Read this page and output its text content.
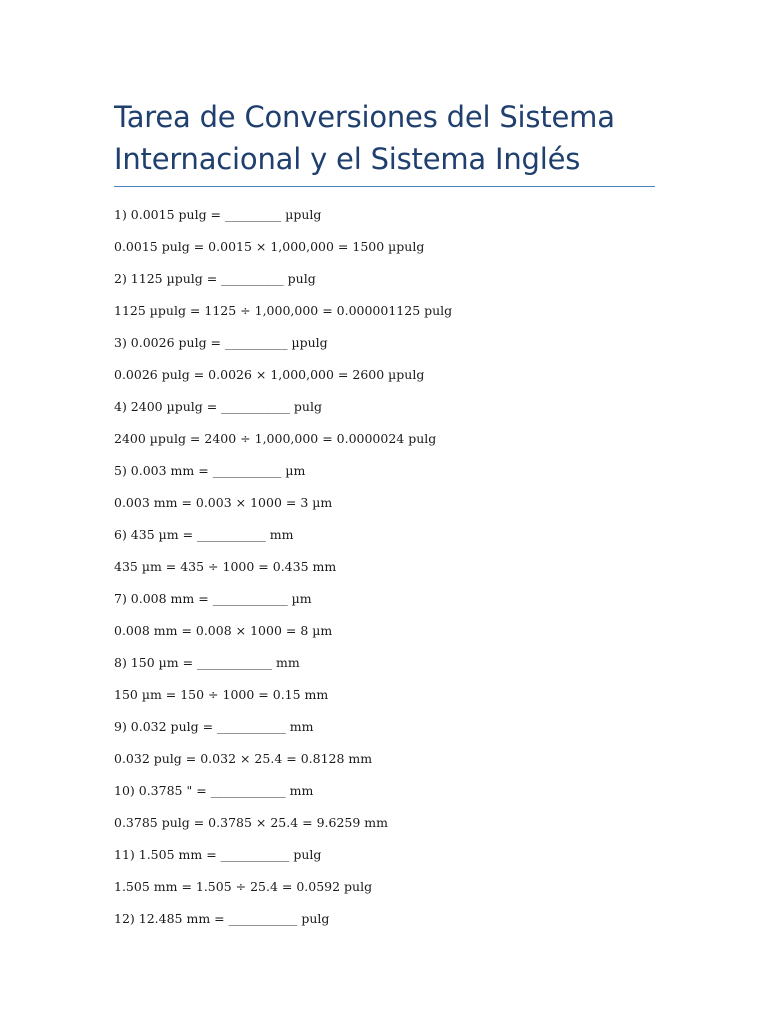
Tarea de Conversiones del Sistema
Internacional y el Sistema Inglés
1) 0.0015 pulg = _________ µpulg
0.0015 pulg = 0.0015 × 1,000,000 = 1500 µpulg
2) 1125 µpulg = __________ pulg
1125 µpulg = 1125 ÷ 1,000,000 = 0.000001125 pulg
3) 0.0026 pulg = __________ µpulg
0.0026 pulg = 0.0026 × 1,000,000 = 2600 µpulg
4) 2400 µpulg = ___________ pulg
2400 µpulg = 2400 ÷ 1,000,000 = 0.0000024 pulg
5) 0.003 mm = ___________ µm
0.003 mm = 0.003 × 1000 = 3 µm
6) 435 µm = ___________ mm
435 µm = 435 ÷ 1000 = 0.435 mm
7) 0.008 mm = ____________ µm
0.008 mm = 0.008 × 1000 = 8 µm
8) 150 µm = ____________ mm
150 µm = 150 ÷ 1000 = 0.15 mm
9) 0.032 pulg = ___________ mm
0.032 pulg = 0.032 × 25.4 = 0.8128 mm
10) 0.3785 " = ____________ mm
0.3785 pulg = 0.3785 × 25.4 = 9.6259 mm
11) 1.505 mm = ___________ pulg
1.505 mm = 1.505 ÷ 25.4 = 0.0592 pulg
12) 12.485 mm = ___________ pulg
